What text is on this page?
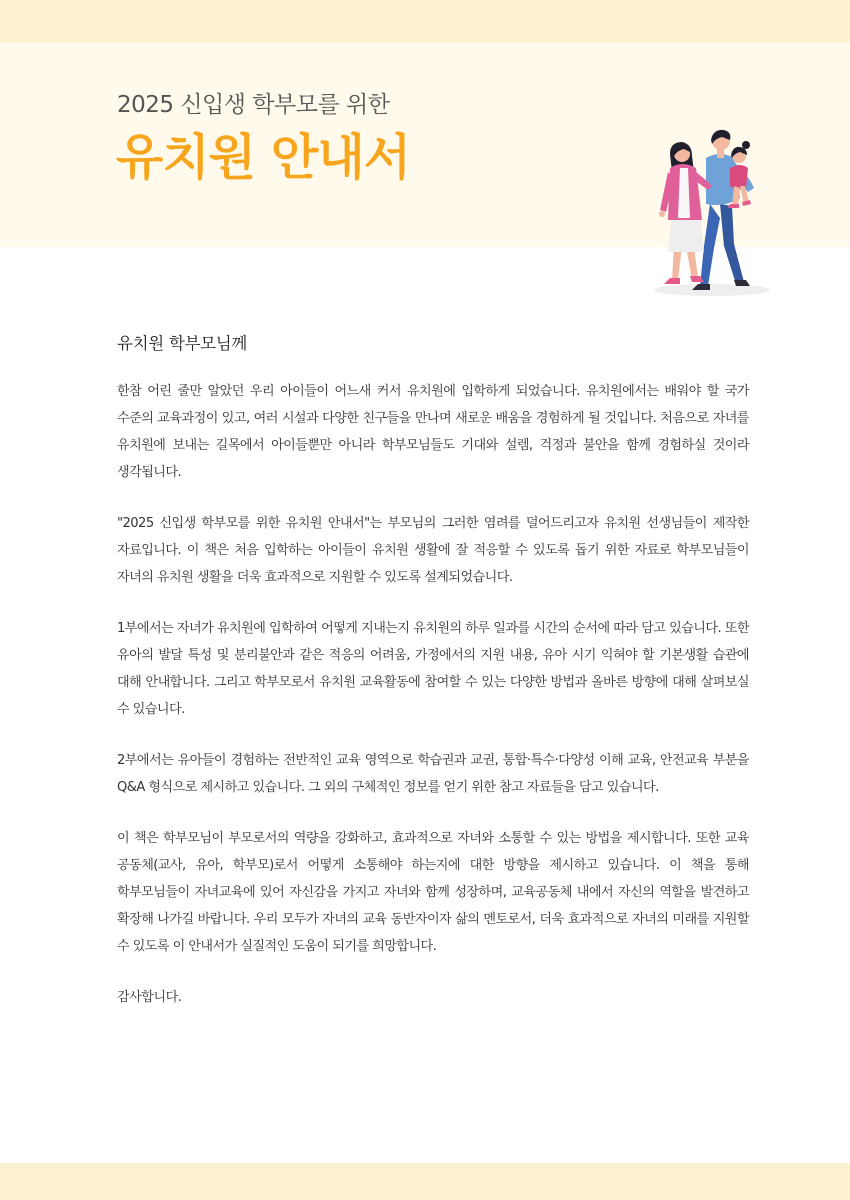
2025 신입생 학부모를 위한
유치원 안내서
유치원 학부모님께

한참 어린 줄만 알았던 우리 아이들이 어느새 커서 유치원에 입학하게 되었습니다. 유치원에서는 배워야 할 국가 수준의 교육과정이 있고, 여러 시설과 다양한 친구들을 만나며 새로운 배움을 경험하게 될 것입니다. 처음으로 자녀를 유치원에 보내는 길목에서 아이들뿐만 아니라 학부모님들도 기대와 설렘, 걱정과 불안을 함께 경험하실 것이라 생각됩니다.

"2025 신입생 학부모를 위한 유치원 안내서"는 부모님의 그러한 염려를 덜어드리고자 유치원 선생님들이 제작한 자료입니다. 이 책은 처음 입학하는 아이들이 유치원 생활에 잘 적응할 수 있도록 돕기 위한 자료로 학부모님들이 자녀의 유치원 생활을 더욱 효과적으로 지원할 수 있도록 설계되었습니다.

1부에서는 자녀가 유치원에 입학하여 어떻게 지내는지 유치원의 하루 일과를 시간의 순서에 따라 담고 있습니다. 또한 유아의 발달 특성 및 분리불안과 같은 적응의 어려움, 가정에서의 지원 내용, 유아 시기 익혀야 할 기본생활 습관에 대해 안내합니다. 그리고 학부모로서 유치원 교육활동에 참여할 수 있는 다양한 방법과 올바른 방향에 대해 살펴보실 수 있습니다.

2부에서는 유아들이 경험하는 전반적인 교육 영역으로 학습권과 교권, 통합·특수·다양성 이해 교육, 안전교육 부분을 Q&A 형식으로 제시하고 있습니다. 그 외의 구체적인 정보를 얻기 위한 참고 자료들을 담고 있습니다.

이 책은 학부모님이 부모로서의 역량을 강화하고, 효과적으로 자녀와 소통할 수 있는 방법을 제시합니다. 또한 교육 공동체(교사, 유아, 학부모)로서 어떻게 소통해야 하는지에 대한 방향을 제시하고 있습니다. 이 책을 통해 학부모님들이 자녀교육에 있어 자신감을 가지고 자녀와 함께 성장하며, 교육공동체 내에서 자신의 역할을 발견하고 확장해 나가길 바랍니다. 우리 모두가 자녀의 교육 동반자이자 삶의 멘토로서, 더욱 효과적으로 자녀의 미래를 지원할 수 있도록 이 안내서가 실질적인 도움이 되기를 희망합니다.

감사합니다.
